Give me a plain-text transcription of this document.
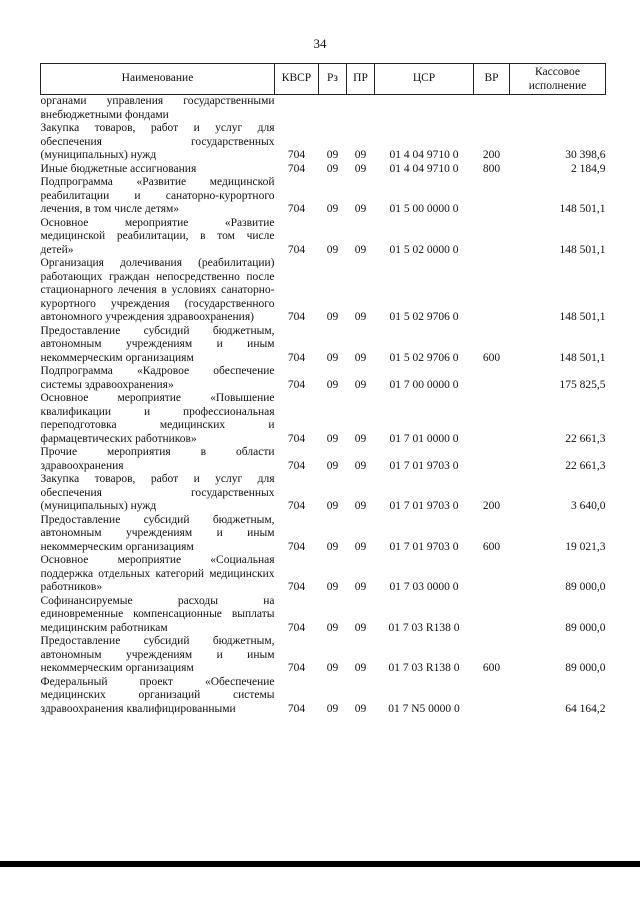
34
Наименование	КВСР	Рз	ПР	ЦСР	ВР	Кассовое исполнение
органами управления государственными внебюджетными фондами						
Закупка товаров, работ и услуг для обеспечения государственных (муниципальных) нужд	704	09	09	01 4 04 9710 0	200	30 398,6
Иные бюджетные ассигнования	704	09	09	01 4 04 9710 0	800	2 184,9
Подпрограмма «Развитие медицинской реабилитации и санаторно-курортного лечения, в том числе детям»	704	09	09	01 5 00 0000 0		148 501,1
Основное мероприятие «Развитие медицинской реабилитации, в том числе детей»	704	09	09	01 5 02 0000 0		148 501,1
Организация долечивания (реабилитации) работающих граждан непосредственно после стационарного лечения в условиях санаторно-курортного учреждения (государственного автономного учреждения здравоохранения)	704	09	09	01 5 02 9706 0		148 501,1
Предоставление субсидий бюджетным, автономным учреждениям и иным некоммерческим организациям	704	09	09	01 5 02 9706 0	600	148 501,1
Подпрограмма «Кадровое обеспечение системы здравоохранения»	704	09	09	01 7 00 0000 0		175 825,5
Основное мероприятие «Повышение квалификации и профессиональная переподготовка медицинских и фармацевтических работников»	704	09	09	01 7 01 0000 0		22 661,3
Прочие мероприятия в области здравоохранения	704	09	09	01 7 01 9703 0		22 661,3
Закупка товаров, работ и услуг для обеспечения государственных (муниципальных) нужд	704	09	09	01 7 01 9703 0	200	3 640,0
Предоставление субсидий бюджетным, автономным учреждениям и иным некоммерческим организациям	704	09	09	01 7 01 9703 0	600	19 021,3
Основное мероприятие «Социальная поддержка отдельных категорий медицинских работников»	704	09	09	01 7 03 0000 0		89 000,0
Софинансируемые расходы на единовременные компенсационные выплаты медицинским работникам	704	09	09	01 7 03 R138 0		89 000,0
Предоставление субсидий бюджетным, автономным учреждениям и иным некоммерческим организациям	704	09	09	01 7 03 R138 0	600	89 000,0
Федеральный проект «Обеспечение медицинских организаций системы здравоохранения квалифицированными	704	09	09	01 7 N5 0000 0		64 164,2
